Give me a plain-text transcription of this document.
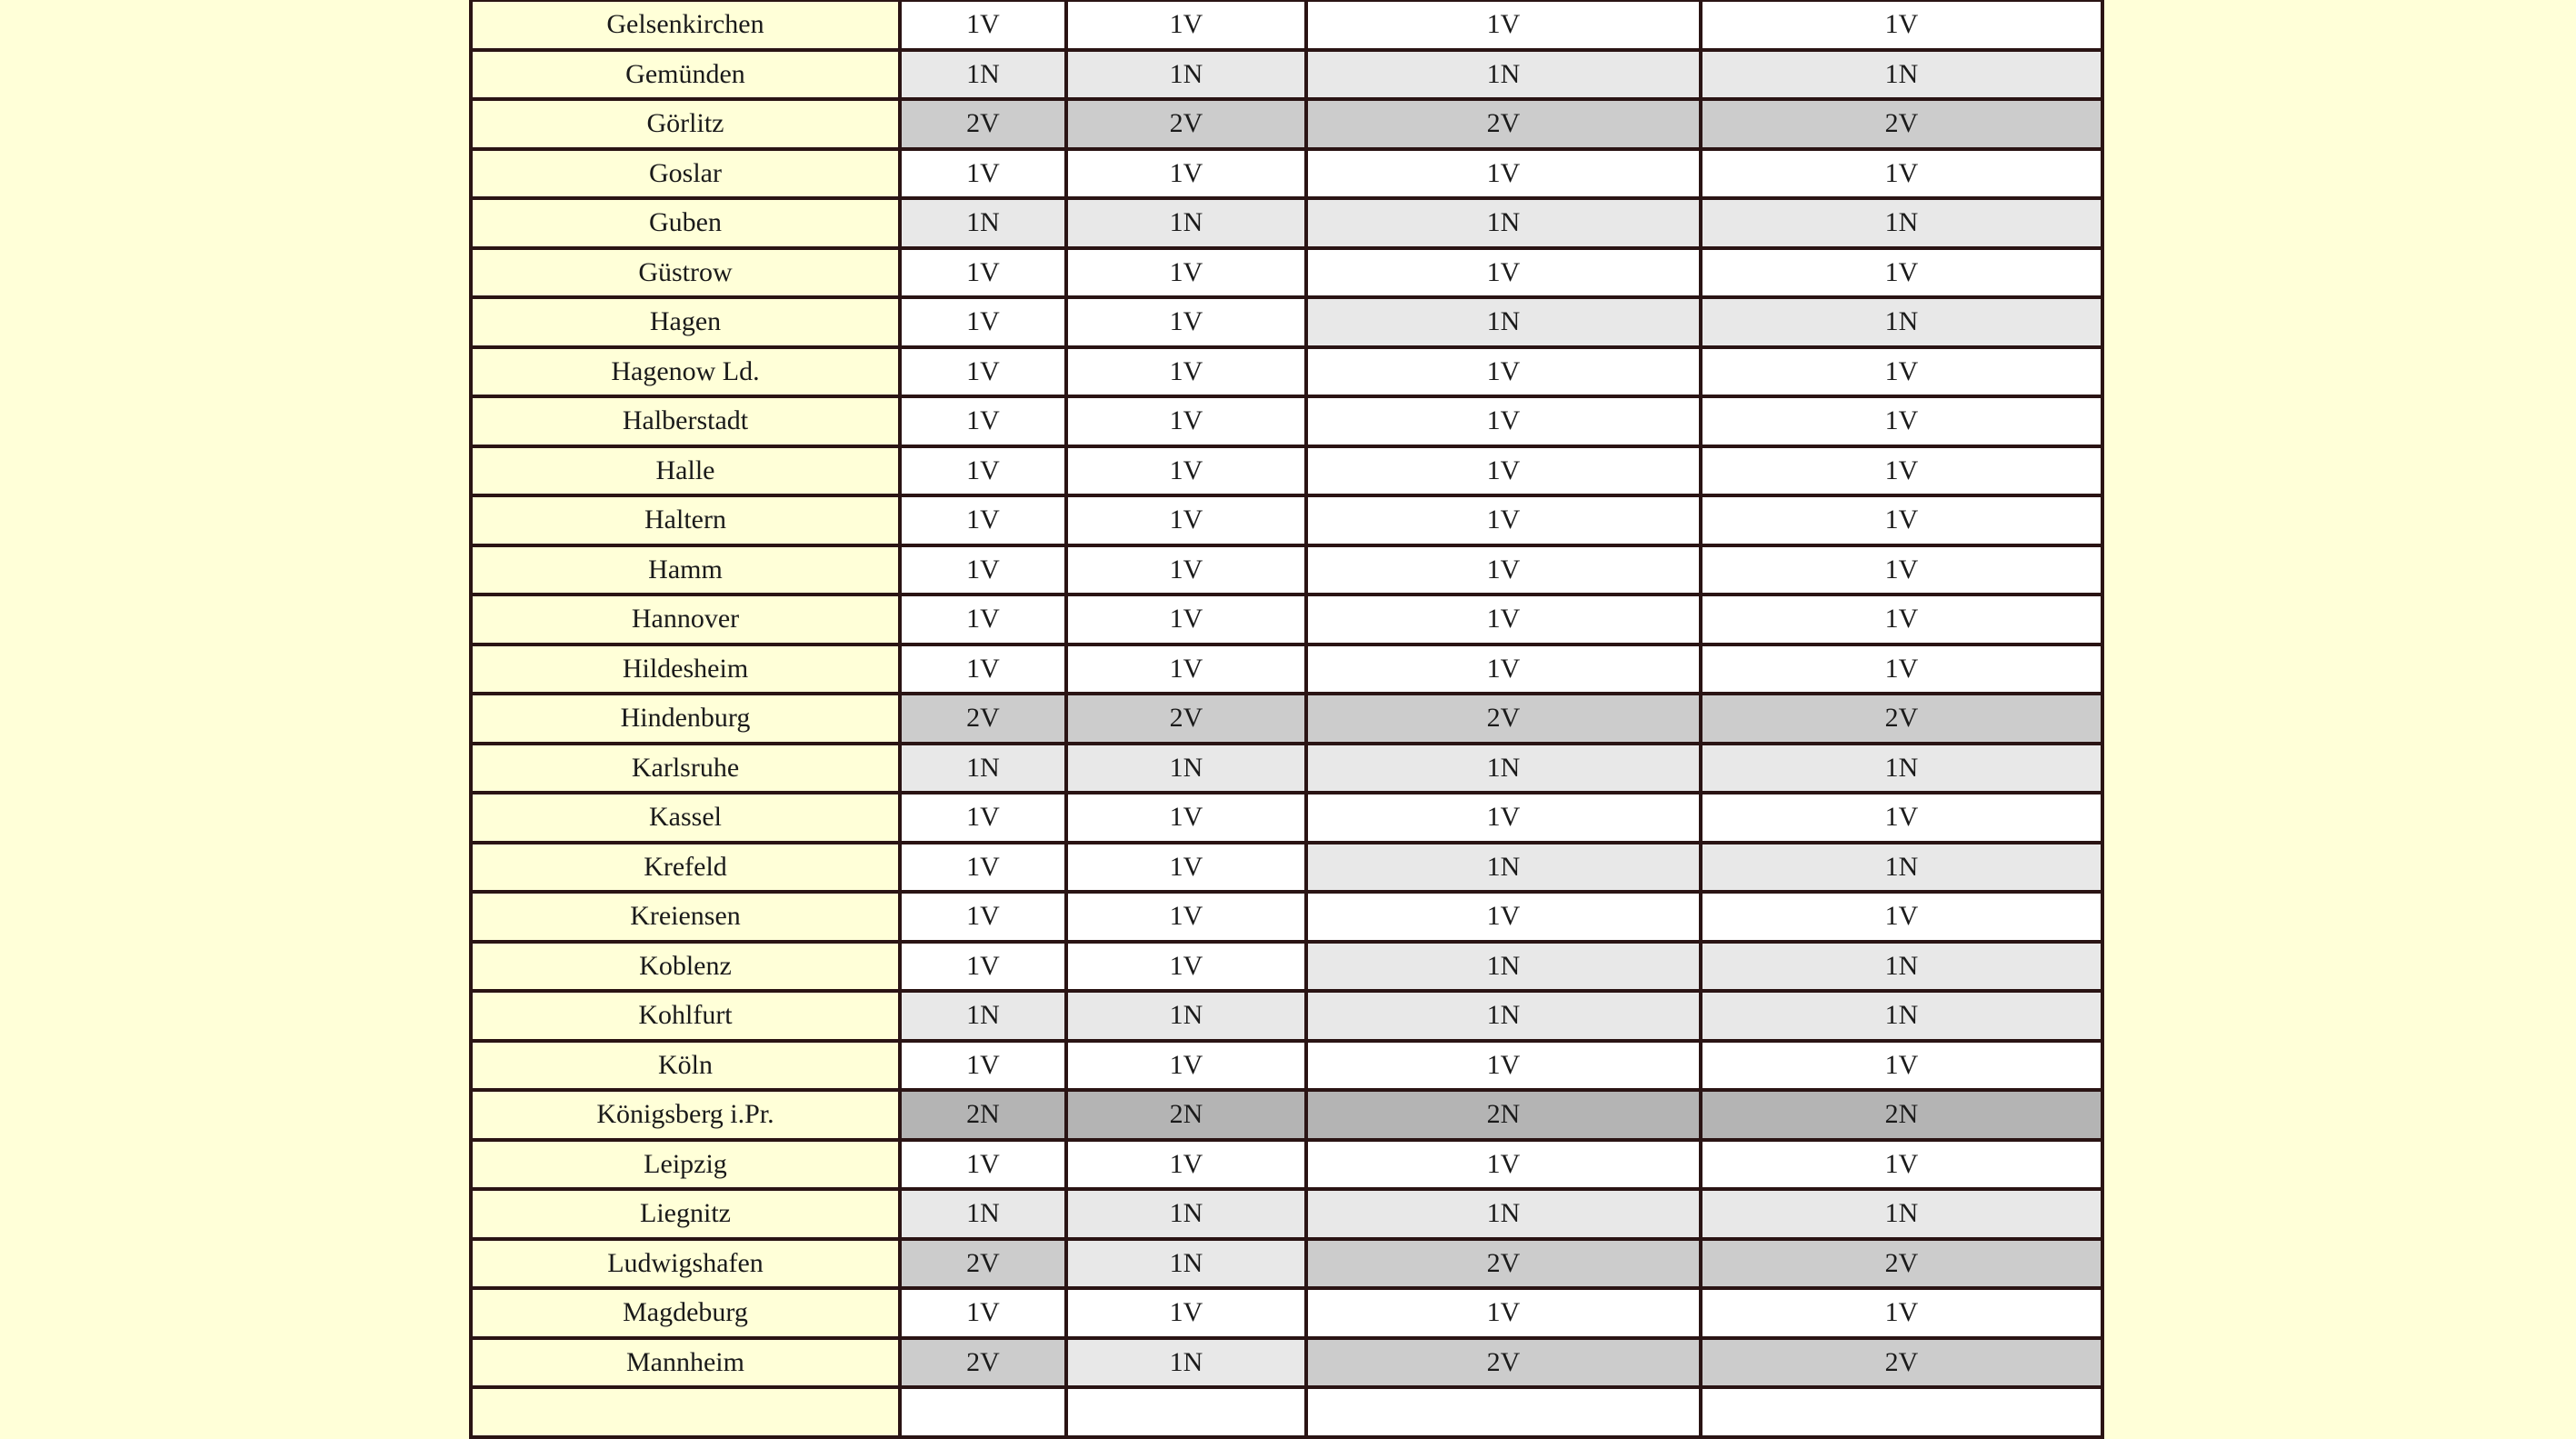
Gelsenkirchen	1V	1V	1V	1V
Gemünden	1N	1N	1N	1N
Görlitz	2V	2V	2V	2V
Goslar	1V	1V	1V	1V
Guben	1N	1N	1N	1N
Güstrow	1V	1V	1V	1V
Hagen	1V	1V	1N	1N
Hagenow Ld.	1V	1V	1V	1V
Halberstadt	1V	1V	1V	1V
Halle	1V	1V	1V	1V
Haltern	1V	1V	1V	1V
Hamm	1V	1V	1V	1V
Hannover	1V	1V	1V	1V
Hildesheim	1V	1V	1V	1V
Hindenburg	2V	2V	2V	2V
Karlsruhe	1N	1N	1N	1N
Kassel	1V	1V	1V	1V
Krefeld	1V	1V	1N	1N
Kreiensen	1V	1V	1V	1V
Koblenz	1V	1V	1N	1N
Kohlfurt	1N	1N	1N	1N
Köln	1V	1V	1V	1V
Königsberg i.Pr.	2N	2N	2N	2N
Leipzig	1V	1V	1V	1V
Liegnitz	1N	1N	1N	1N
Ludwigshafen	2V	1N	2V	2V
Magdeburg	1V	1V	1V	1V
Mannheim	2V	1N	2V	2V
